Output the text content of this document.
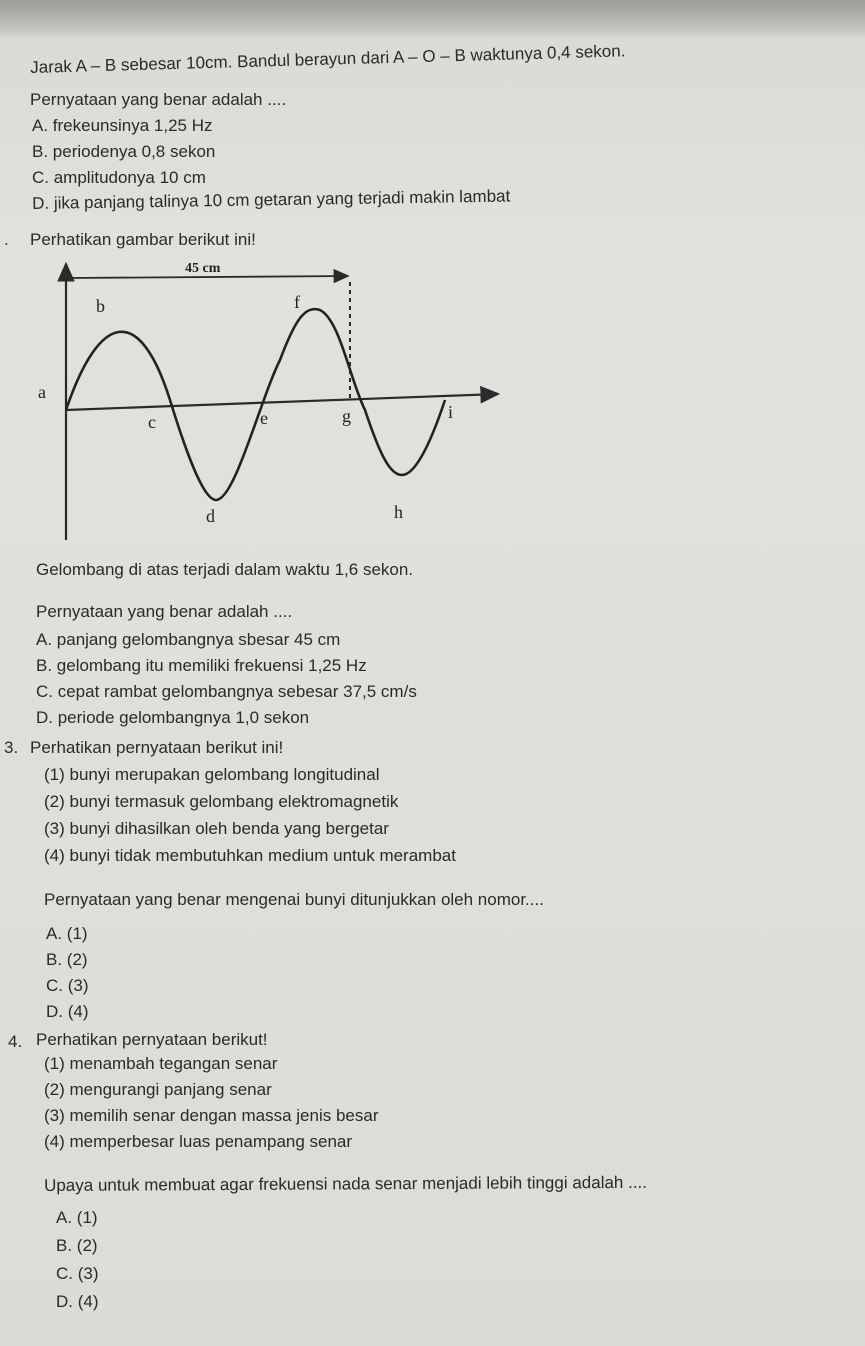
Jarak A – B sebesar 10cm. Bandul berayun dari A – O – B waktunya 0,4 sekon.
Pernyataan yang benar adalah ....
A. frekeunsinya 1,25 Hz
B. periodenya 0,8 sekon
C. amplitudonya 10 cm
D. jika panjang talinya 10 cm getaran yang terjadi makin lambat
. Perhatikan gambar berikut ini!
45 cm
a
b
c
d
e
f
g
h
i
Gelombang di atas terjadi dalam waktu 1,6 sekon.
Pernyataan yang benar adalah ....
A. panjang gelombangnya sbesar 45 cm
B. gelombang itu memiliki frekuensi 1,25 Hz
C. cepat rambat gelombangnya sebesar 37,5 cm/s
D. periode gelombangnya 1,0 sekon
3. Perhatikan pernyataan berikut ini!
(1) bunyi merupakan gelombang longitudinal
(2) bunyi termasuk gelombang elektromagnetik
(3) bunyi dihasilkan oleh benda yang bergetar
(4) bunyi tidak membutuhkan medium untuk merambat
Pernyataan yang benar mengenai bunyi ditunjukkan oleh nomor....
A. (1)
B. (2)
C. (3)
D. (4)
4. Perhatikan pernyataan berikut!
(1) menambah tegangan senar
(2) mengurangi panjang senar
(3) memilih senar dengan massa jenis besar
(4) memperbesar luas penampang senar
Upaya untuk membuat agar frekuensi nada senar menjadi lebih tinggi adalah ....
A. (1)
B. (2)
C. (3)
D. (4)
